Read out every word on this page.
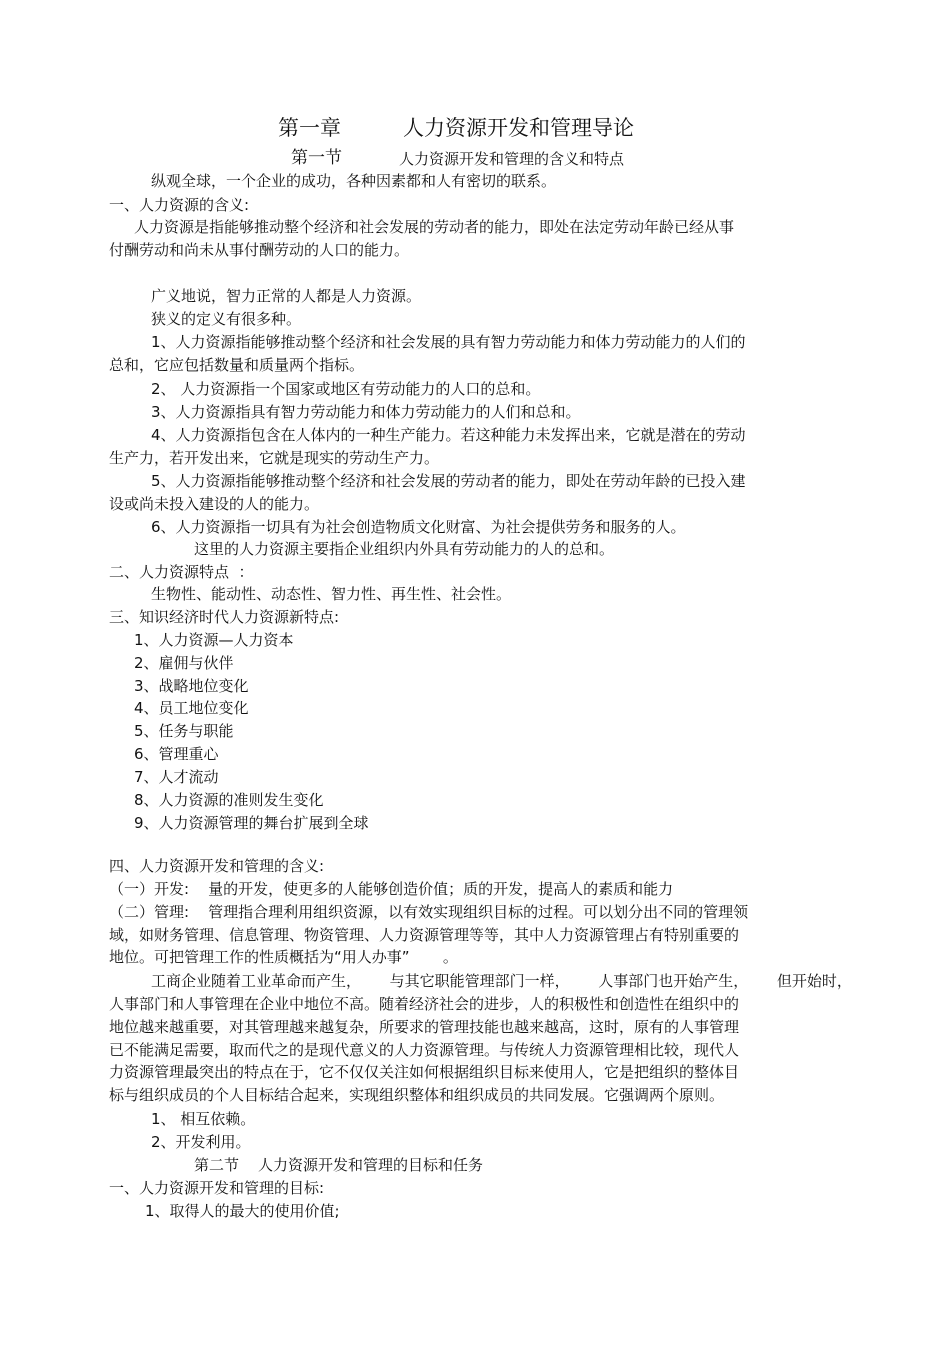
第一章	人力资源开发和管理导论
第一节	人力资源开发和管理的含义和特点
纵观全球，一个企业的成功，各种因素都和人有密切的联系。
一、人力资源的含义:
人力资源是指能够推动整个经济和社会发展的劳动者的能力，即处在法定劳动年龄已经从事
付酬劳动和尚未从事付酬劳动的人口的能力。
广义地说，智力正常的人都是人力资源。
狭义的定义有很多种。
1、人力资源指能够推动整个经济和社会发展的具有智力劳动能力和体力劳动能力的人们的
总和，它应包括数量和质量两个指标。
2、 人力资源指一个国家或地区有劳动能力的人口的总和。
3、人力资源指具有智力劳动能力和体力劳动能力的人们和总和。
4、人力资源指包含在人体内的一种生产能力。若这种能力未发挥出来，它就是潜在的劳动
生产力，若开发出来，它就是现实的劳动生产力。
5、人力资源指能够推动整个经济和社会发展的劳动者的能力，即处在劳动年龄的已投入建
设或尚未投入建设的人的能力。
6、人力资源指一切具有为社会创造物质文化财富、为社会提供劳务和服务的人。
这里的人力资源主要指企业组织内外具有劳动能力的人的总和。
二、人力资源特点  ：
生物性、能动性、动态性、智力性、再生性、社会性。
三、知识经济时代人力资源新特点:
1、人力资源—人力资本
2、雇佣与伙伴
3、战略地位变化
4、员工地位变化
5、任务与职能
6、管理重心
7、人才流动
8、人力资源的准则发生变化
9、人力资源管理的舞台扩展到全球
四、人力资源开发和管理的含义:
（一）开发:    量的开发，使更多的人能够创造价值；质的开发，提高人的素质和能力
（二）管理:    管理指合理利用组织资源，以有效实现组织目标的过程。可以划分出不同的管理领
域，如财务管理、信息管理、物资管理、人力资源管理等等，其中人力资源管理占有特别重要的
地位。可把管理工作的性质概括为“用人办事”       。
工商企业随着工业革命而产生，      与其它职能管理部门一样，      人事部门也开始产生，      但开始时，
人事部门和人事管理在企业中地位不高。随着经济社会的进步，人的积极性和创造性在组织中的
地位越来越重要，对其管理越来越复杂，所要求的管理技能也越来越高，这时，原有的人事管理
已不能满足需要，取而代之的是现代意义的人力资源管理。与传统人力资源管理相比较，现代人
力资源管理最突出的特点在于，它不仅仅关注如何根据组织目标来使用人，它是把组织的整体目
标与组织成员的个人目标结合起来，实现组织整体和组织成员的共同发展。它强调两个原则。
1、 相互依赖。
2、开发利用。
第二节 人力资源开发和管理的目标和任务
一、人力资源开发和管理的目标:
1、取得人的最大的使用价值;
